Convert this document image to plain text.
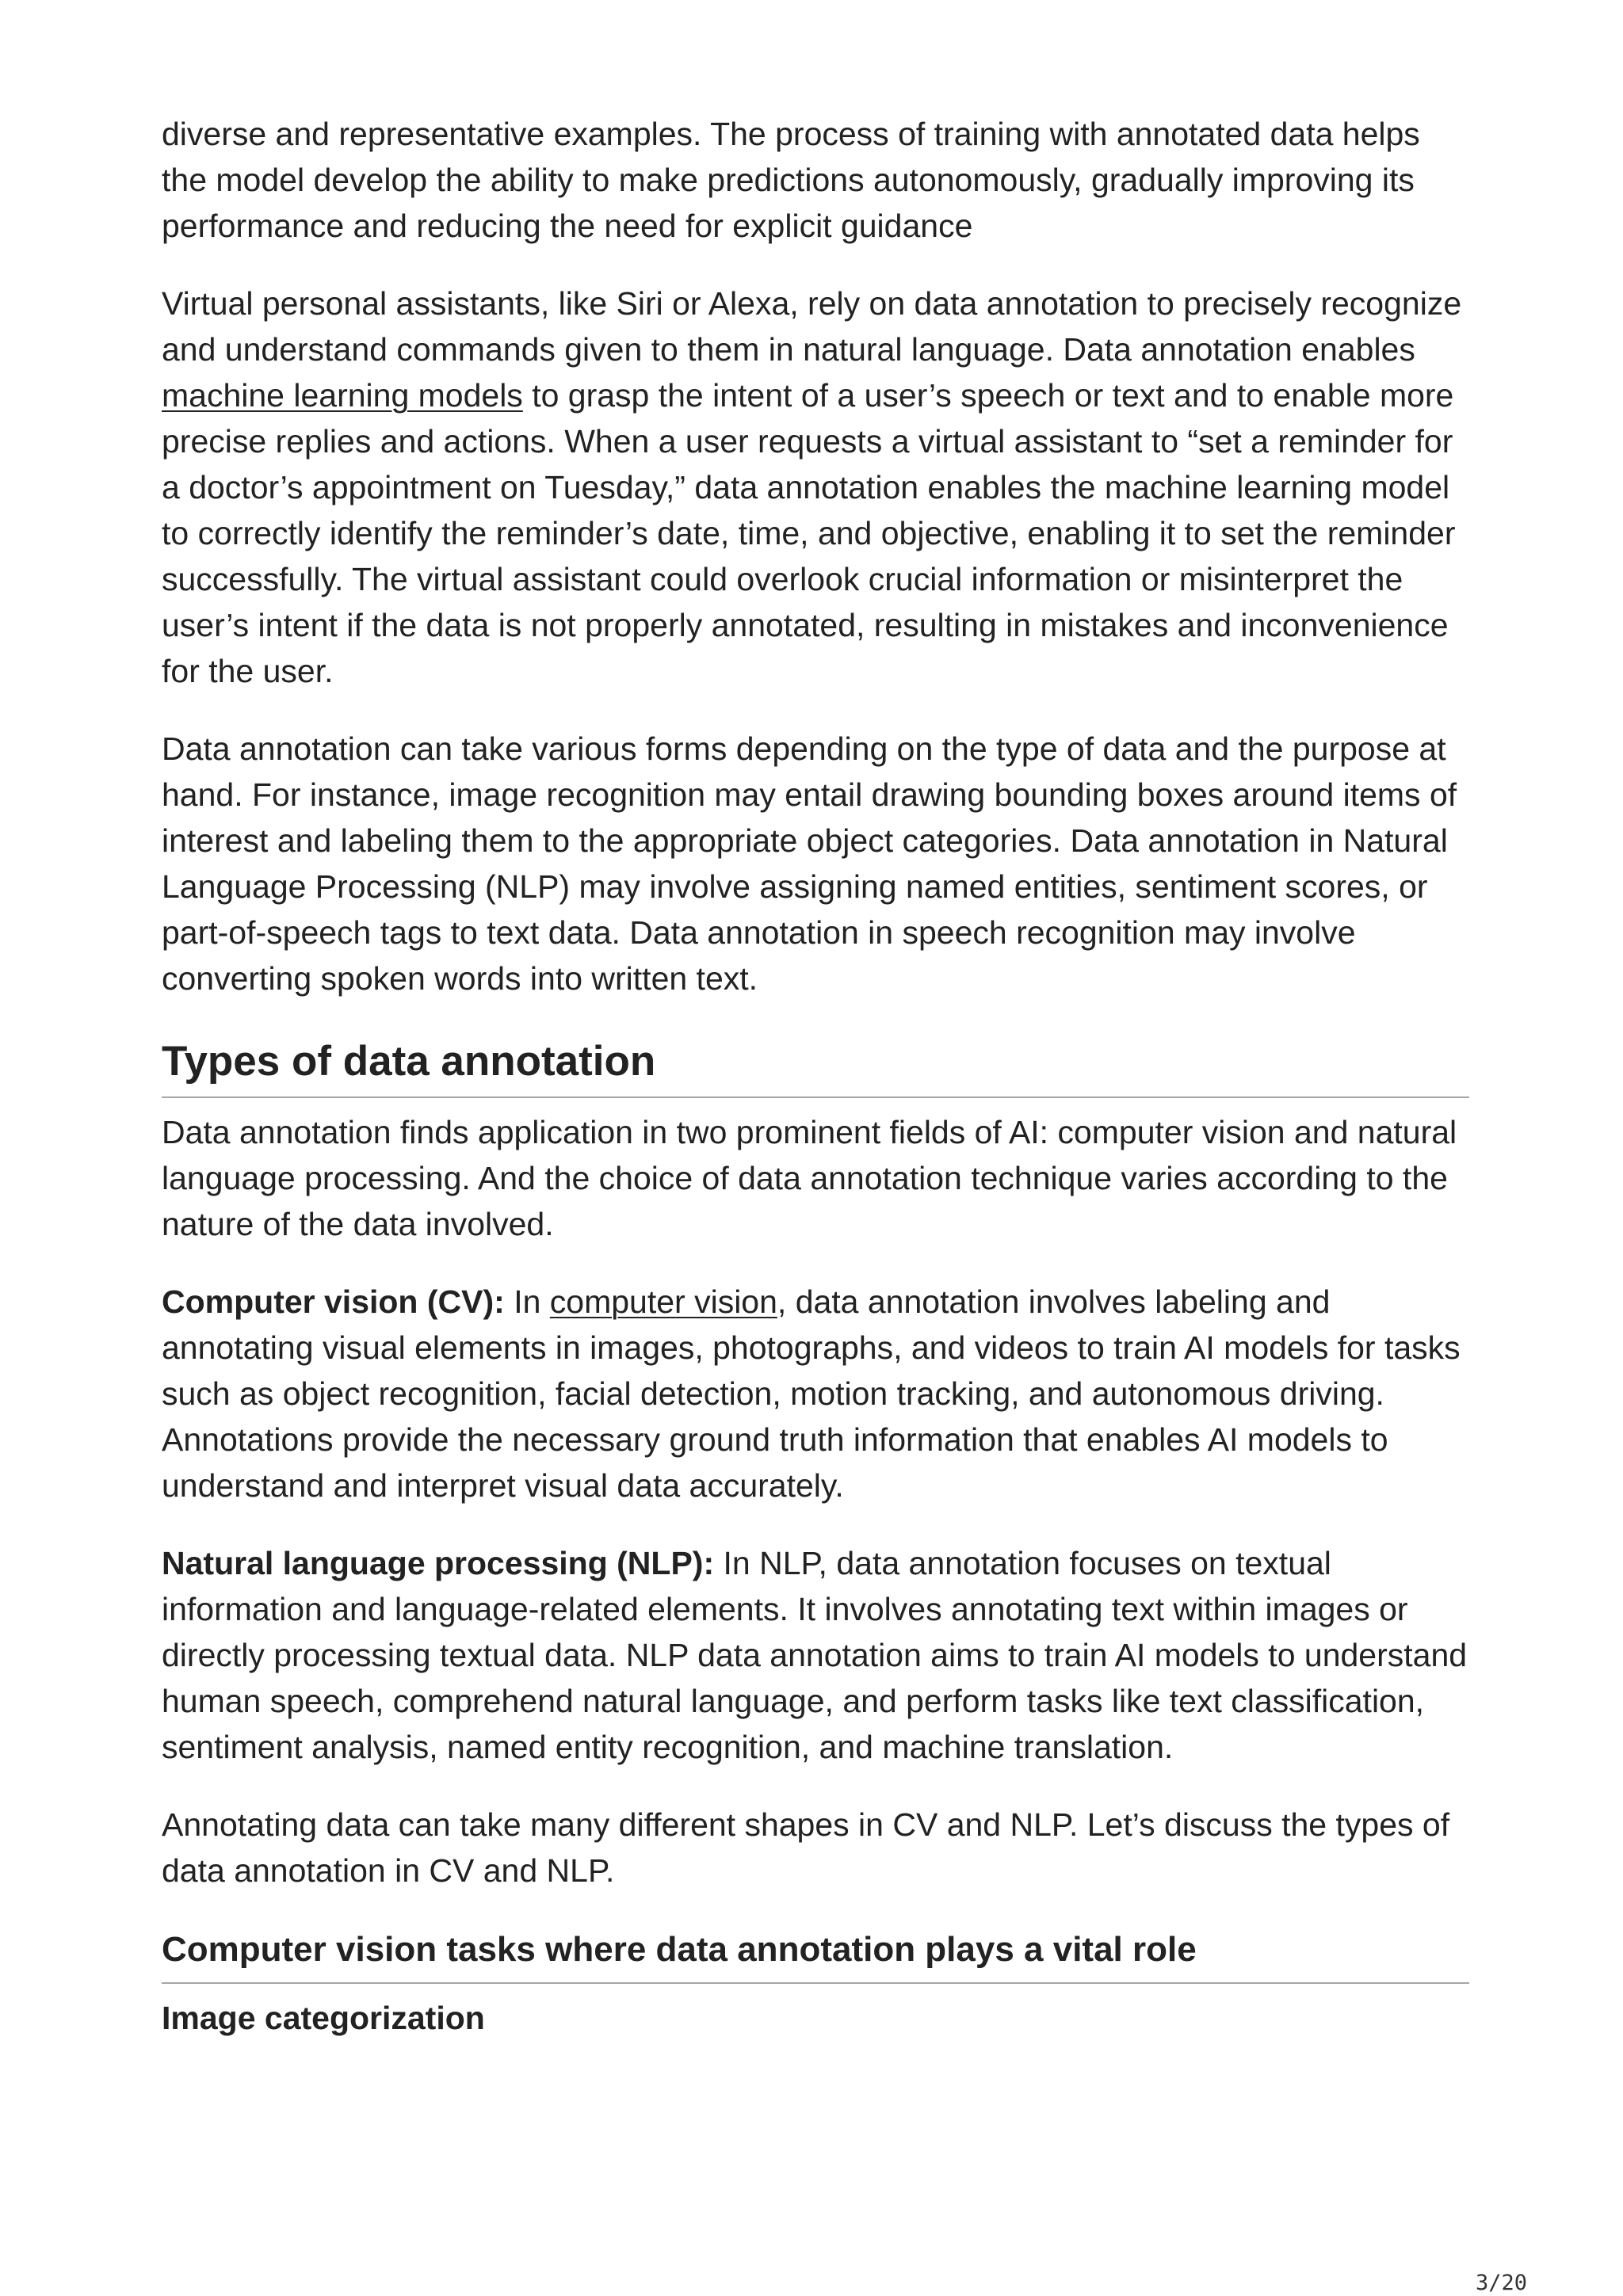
diverse and representative examples. The process of training with annotated data helps the model develop the ability to make predictions autonomously, gradually improving its performance and reducing the need for explicit guidance

Virtual personal assistants, like Siri or Alexa, rely on data annotation to precisely recognize and understand commands given to them in natural language. Data annotation enables machine learning models to grasp the intent of a user’s speech or text and to enable more precise replies and actions. When a user requests a virtual assistant to “set a reminder for a doctor’s appointment on Tuesday,” data annotation enables the machine learning model to correctly identify the reminder’s date, time, and objective, enabling it to set the reminder successfully. The virtual assistant could overlook crucial information or misinterpret the user’s intent if the data is not properly annotated, resulting in mistakes and inconvenience for the user.

Data annotation can take various forms depending on the type of data and the purpose at hand. For instance, image recognition may entail drawing bounding boxes around items of interest and labeling them to the appropriate object categories. Data annotation in Natural Language Processing (NLP) may involve assigning named entities, sentiment scores, or part-of-speech tags to text data. Data annotation in speech recognition may involve converting spoken words into written text.

Types of data annotation

Data annotation finds application in two prominent fields of AI: computer vision and natural language processing. And the choice of data annotation technique varies according to the nature of the data involved.

Computer vision (CV): In computer vision, data annotation involves labeling and annotating visual elements in images, photographs, and videos to train AI models for tasks such as object recognition, facial detection, motion tracking, and autonomous driving. Annotations provide the necessary ground truth information that enables AI models to understand and interpret visual data accurately.

Natural language processing (NLP): In NLP, data annotation focuses on textual information and language-related elements. It involves annotating text within images or directly processing textual data. NLP data annotation aims to train AI models to understand human speech, comprehend natural language, and perform tasks like text classification, sentiment analysis, named entity recognition, and machine translation.

Annotating data can take many different shapes in CV and NLP. Let’s discuss the types of data annotation in CV and NLP.

Computer vision tasks where data annotation plays a vital role
Image categorization
3/20
